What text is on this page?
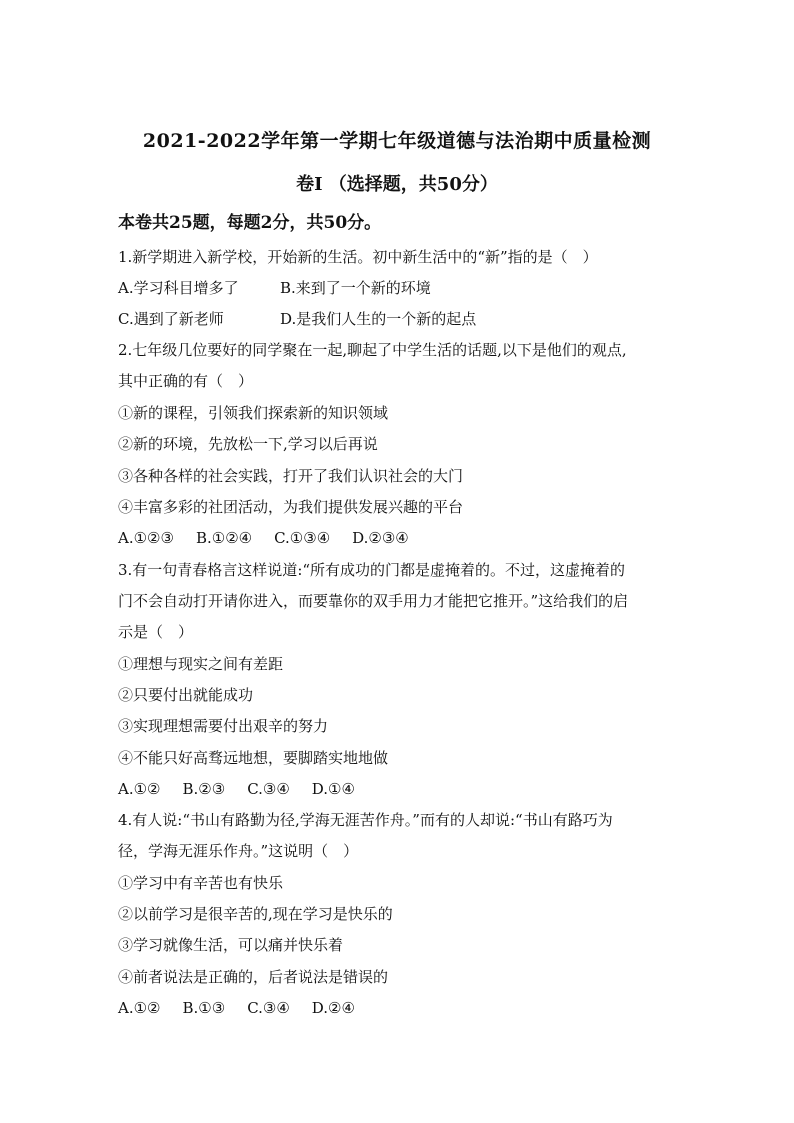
2021-2022学年第一学期七年级道德与法治期中质量检测
卷Ⅰ （选择题，共50分）
本卷共25题，每题2分，共50分。
1.新学期进入新学校，开始新的生活。初中新生活中的“新”指的是（　）
A.学习科目增多了	B.来到了一个新的环境
C.遇到了新老师	D.是我们人生的一个新的起点
2.七年级几位要好的同学聚在一起,聊起了中学生活的话题,以下是他们的观点,
其中正确的有（　）
①新的课程，引领我们探索新的知识领域
②新的环境，先放松一下,学习以后再说
③各种各样的社会实践，打开了我们认识社会的大门
④丰富多彩的社团活动，为我们提供发展兴趣的平台
A.①②③ B.①②④ C.①③④ D.②③④
3.有一句青春格言这样说道:“所有成功的门都是虚掩着的。不过，这虚掩着的
门不会自动打开请你进入，而要靠你的双手用力才能把它推开。”这给我们的启
示是（　）
①理想与现实之间有差距
②只要付出就能成功
③实现理想需要付出艰辛的努力
④不能只好高骛远地想，要脚踏实地地做
A.①② B.②③ C.③④ D.①④
4.有人说:“书山有路勤为径,学海无涯苦作舟。”而有的人却说:“书山有路巧为
径，学海无涯乐作舟。”这说明（　）
①学习中有辛苦也有快乐
②以前学习是很辛苦的,现在学习是快乐的
③学习就像生活，可以痛并快乐着
④前者说法是正确的，后者说法是错误的
A.①② B.①③ C.③④ D.②④
